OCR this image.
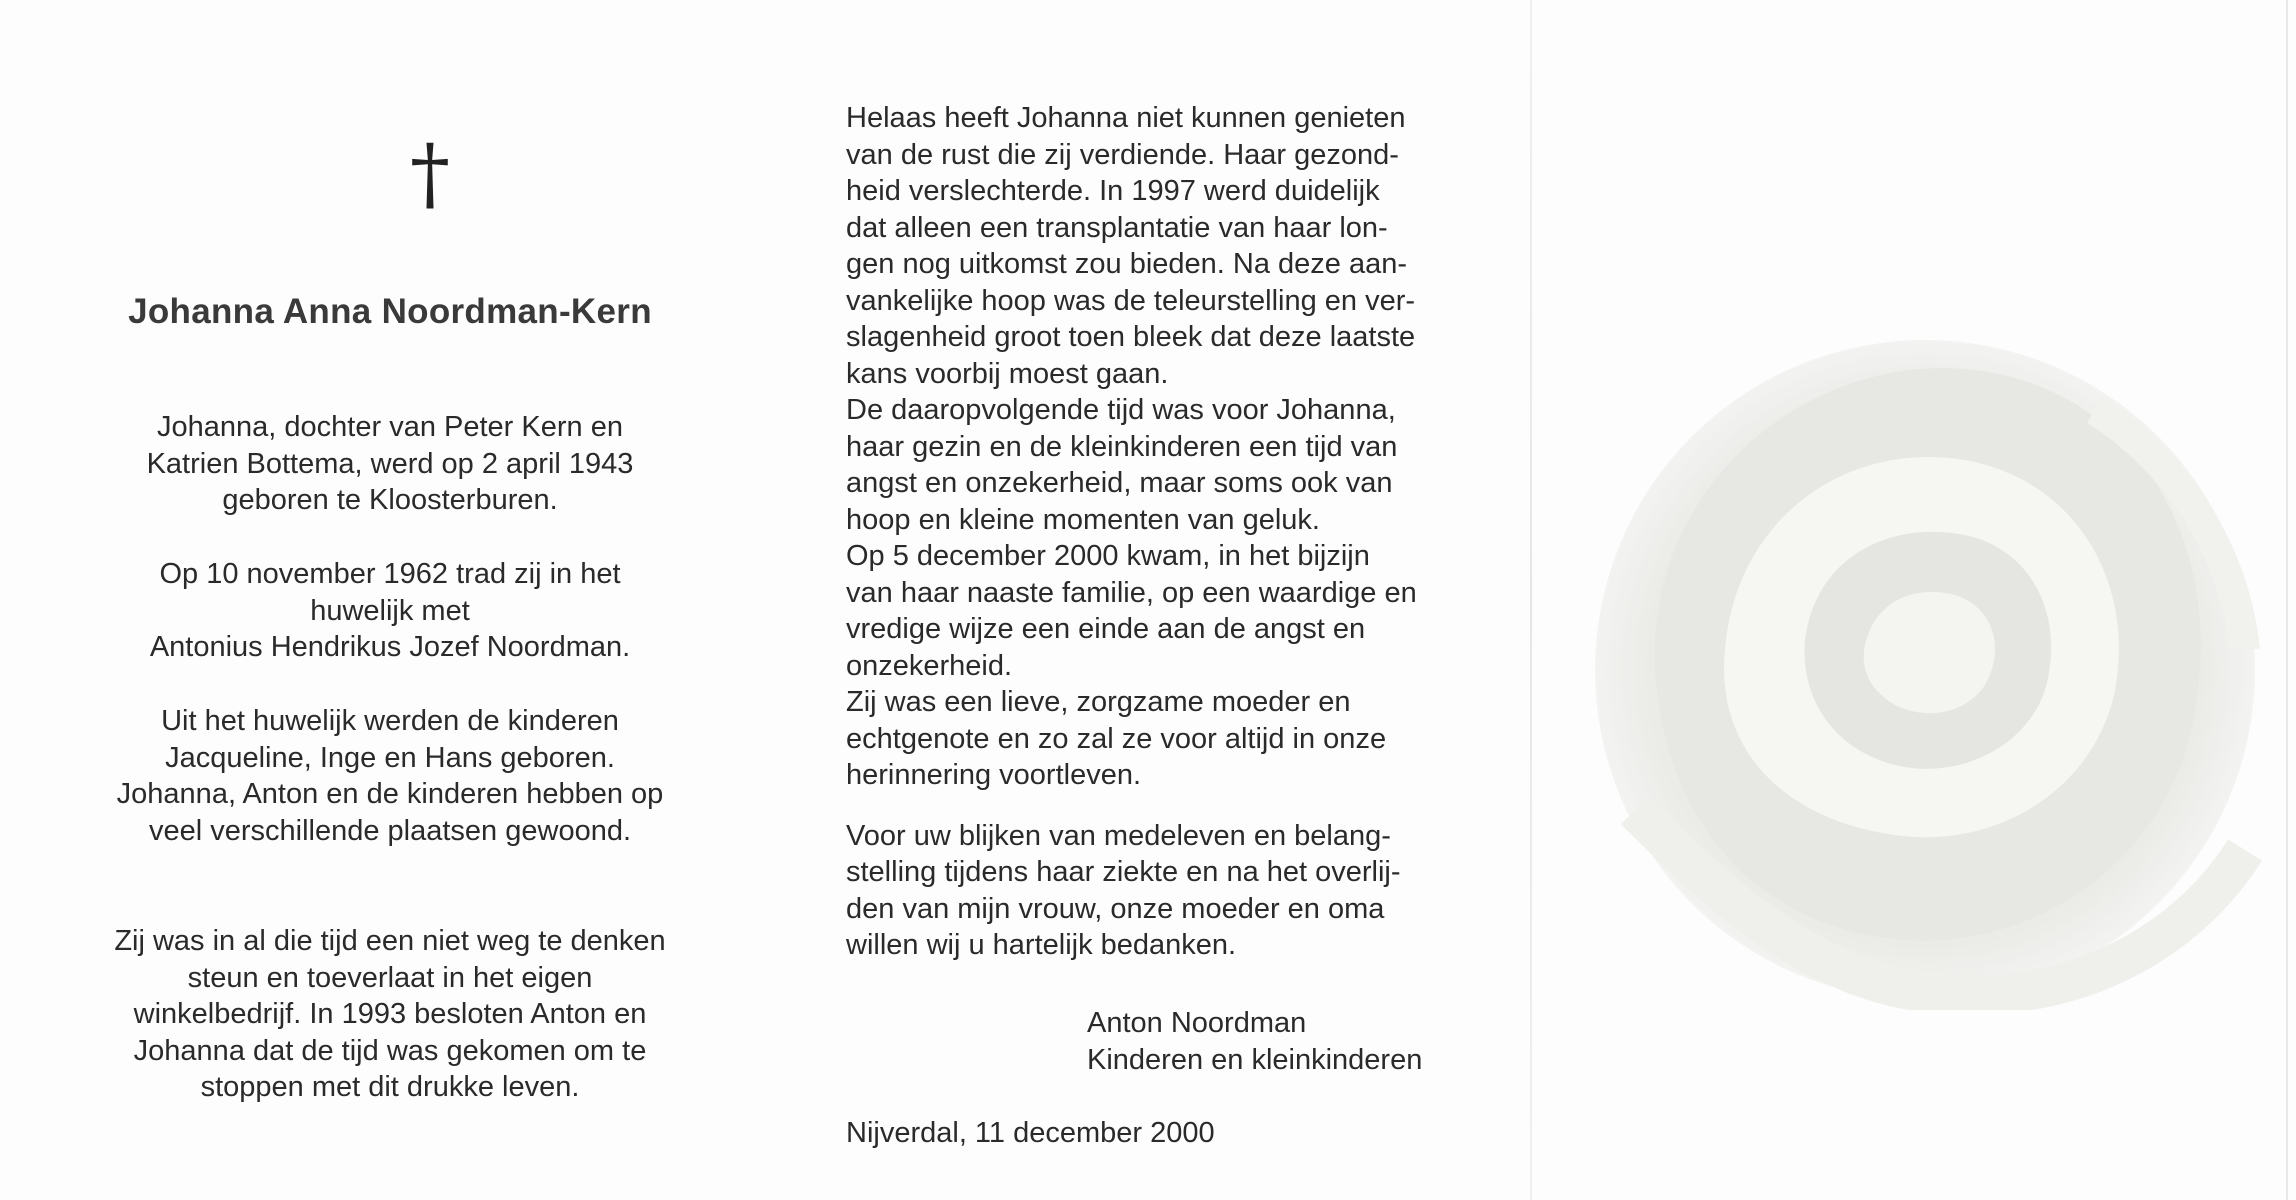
†
Johanna Anna Noordman-Kern

Johanna, dochter van Peter Kern en

Katrien Bottema, werd op 2 april 1943

geboren te Kloosterburen.

Op 10 november 1962 trad zij in het

huwelijk met

Antonius Hendrikus Jozef Noordman.

Uit het huwelijk werden de kinderen

Jacqueline, Inge en Hans geboren.

Johanna, Anton en de kinderen hebben op

veel verschillende plaatsen gewoond.

Zij was in al die tijd een niet weg te denken

steun en toeverlaat in het eigen

winkelbedrijf. In 1993 besloten Anton en

Johanna dat de tijd was gekomen om te

stoppen met dit drukke leven.

Helaas heeft Johanna niet kunnen genieten

van de rust die zij verdiende. Haar gezond-

heid verslechterde. In 1997 werd duidelijk

dat alleen een transplantatie van haar lon-

gen nog uitkomst zou bieden. Na deze aan-

vankelijke hoop was de teleurstelling en ver-

slagenheid groot toen bleek dat deze laatste

kans voorbij moest gaan.

De daaropvolgende tijd was voor Johanna,

haar gezin en de kleinkinderen een tijd van

angst en onzekerheid, maar soms ook van

hoop en kleine momenten van geluk.

Op 5 december 2000 kwam, in het bijzijn

van haar naaste familie, op een waardige en

vredige wijze een einde aan de angst en

onzekerheid.

Zij was een lieve, zorgzame moeder en

echtgenote en zo zal ze voor altijd in onze

herinnering voortleven.

Voor uw blijken van medeleven en belang-

stelling tijdens haar ziekte en na het overlij-

den van mijn vrouw, onze moeder en oma

willen wij u hartelijk bedanken.

Anton Noordman
Kinderen en kleinkinderen
Nijverdal, 11 december 2000
